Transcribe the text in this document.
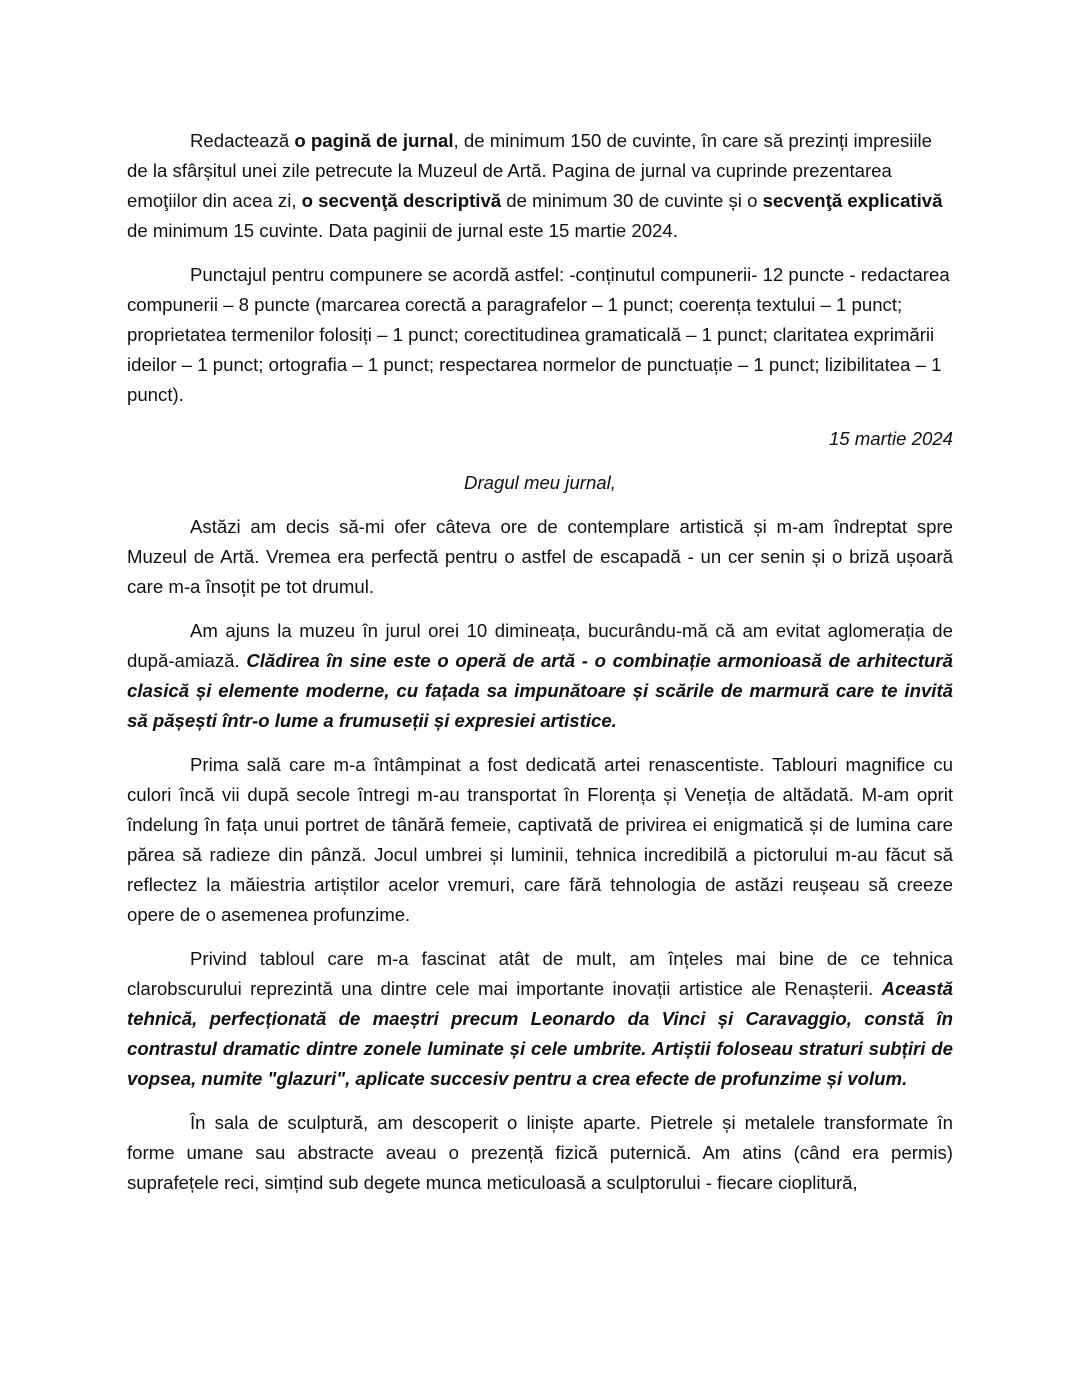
Redactează o pagină de jurnal, de minimum 150 de cuvinte, în care să prezinți impresiile de la sfârșitul unei zile petrecute la Muzeul de Artă. Pagina de jurnal va cuprinde prezentarea emoţiilor din acea zi, o secvenţă descriptivă de minimum 30 de cuvinte și o secvenţă explicativă de minimum 15 cuvinte. Data paginii de jurnal este 15 martie 2024.

Punctajul pentru compunere se acordă astfel: -conținutul compunerii- 12 puncte - redactarea compunerii – 8 puncte (marcarea corectă a paragrafelor – 1 punct; coerența textului – 1 punct; proprietatea termenilor folosiți – 1 punct; corectitudinea gramaticală – 1 punct; claritatea exprimării ideilor – 1 punct; ortografia – 1 punct; respectarea normelor de punctuație – 1 punct; lizibilitatea – 1 punct).

15 martie 2024

Dragul meu jurnal,

Astăzi am decis să-mi ofer câteva ore de contemplare artistică și m-am îndreptat spre Muzeul de Artă. Vremea era perfectă pentru o astfel de escapadă - un cer senin și o briză ușoară care m-a însoțit pe tot drumul.

Am ajuns la muzeu în jurul orei 10 dimineața, bucurându-mă că am evitat aglomerația de după-amiază. Clădirea în sine este o operă de artă - o combinație armonioasă de arhitectură clasică și elemente moderne, cu fațada sa impunătoare și scările de marmură care te invită să pășești într-o lume a frumuseții și expresiei artistice.

Prima sală care m-a întâmpinat a fost dedicată artei renascentiste. Tablouri magnifice cu culori încă vii după secole întregi m-au transportat în Florența și Veneția de altădată. M-am oprit îndelung în fața unui portret de tânără femeie, captivată de privirea ei enigmatică și de lumina care părea să radieze din pânză. Jocul umbrei și luminii, tehnica incredibilă a pictorului m-au făcut să reflectez la măiestria artiștilor acelor vremuri, care fără tehnologia de astăzi reușeau să creeze opere de o asemenea profunzime.

Privind tabloul care m-a fascinat atât de mult, am înțeles mai bine de ce tehnica clarobscurului reprezintă una dintre cele mai importante inovații artistice ale Renașterii. Această tehnică, perfecționată de maeștri precum Leonardo da Vinci și Caravaggio, constă în contrastul dramatic dintre zonele luminate și cele umbrite. Artiștii foloseau straturi subțiri de vopsea, numite "glazuri", aplicate succesiv pentru a crea efecte de profunzime și volum.

În sala de sculptură, am descoperit o liniște aparte. Pietrele și metalele transformate în forme umane sau abstracte aveau o prezență fizică puternică. Am atins (când era permis) suprafețele reci, simțind sub degete munca meticuloasă a sculptorului - fiecare cioplitură,
